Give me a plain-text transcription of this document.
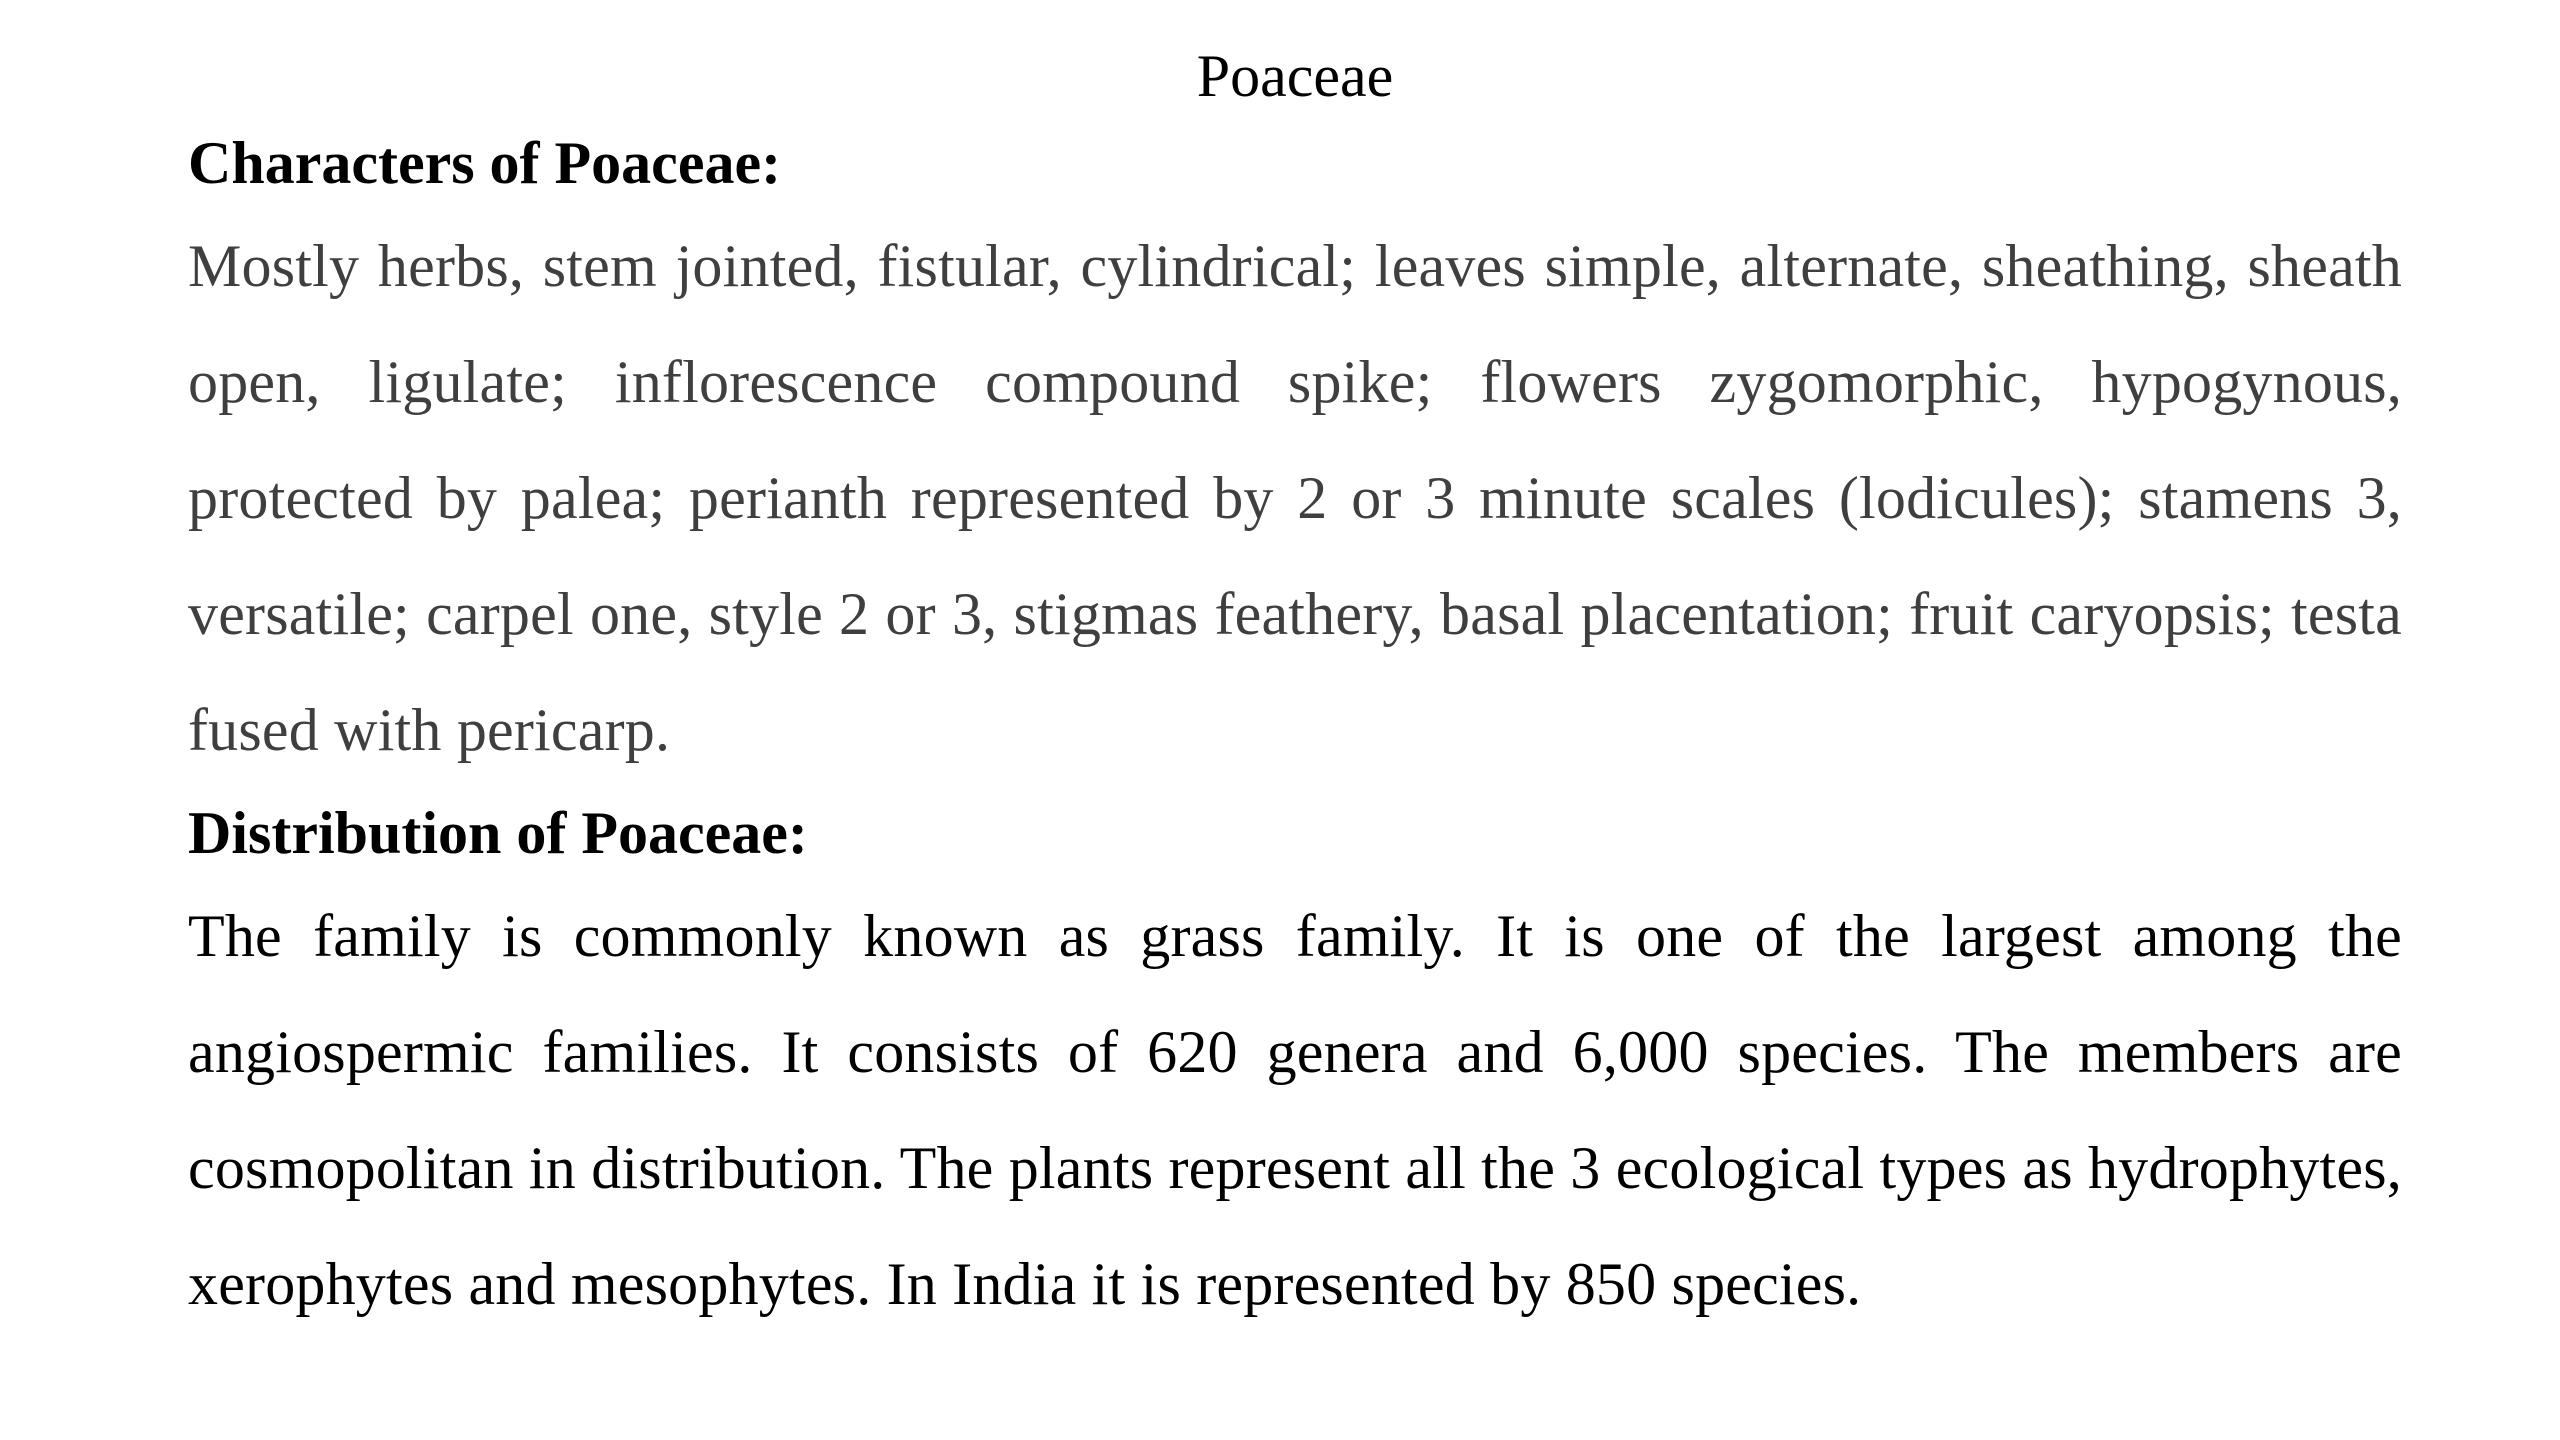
Poaceae
Characters of Poaceae:

Mostly herbs, stem jointed, fistular, cylindrical; leaves simple, alternate, sheathing, sheath open, ligulate; inflorescence compound spike; flowers zygomorphic, hypogynous, protected by palea; perianth represented by 2 or 3 minute scales (lodicules); stamens 3, versatile; carpel one, style 2 or 3, stigmas feathery, basal placentation; fruit caryopsis; testa fused with pericarp.

Distribution of Poaceae:

The family is commonly known as grass family. It is one of the largest among the angiospermic families. It consists of 620 genera and 6,000 species. The members are cosmopolitan in distribution. The plants represent all the 3 ecological types as hydrophytes, xerophytes and mesophytes. In India it is represented by 850 species.
